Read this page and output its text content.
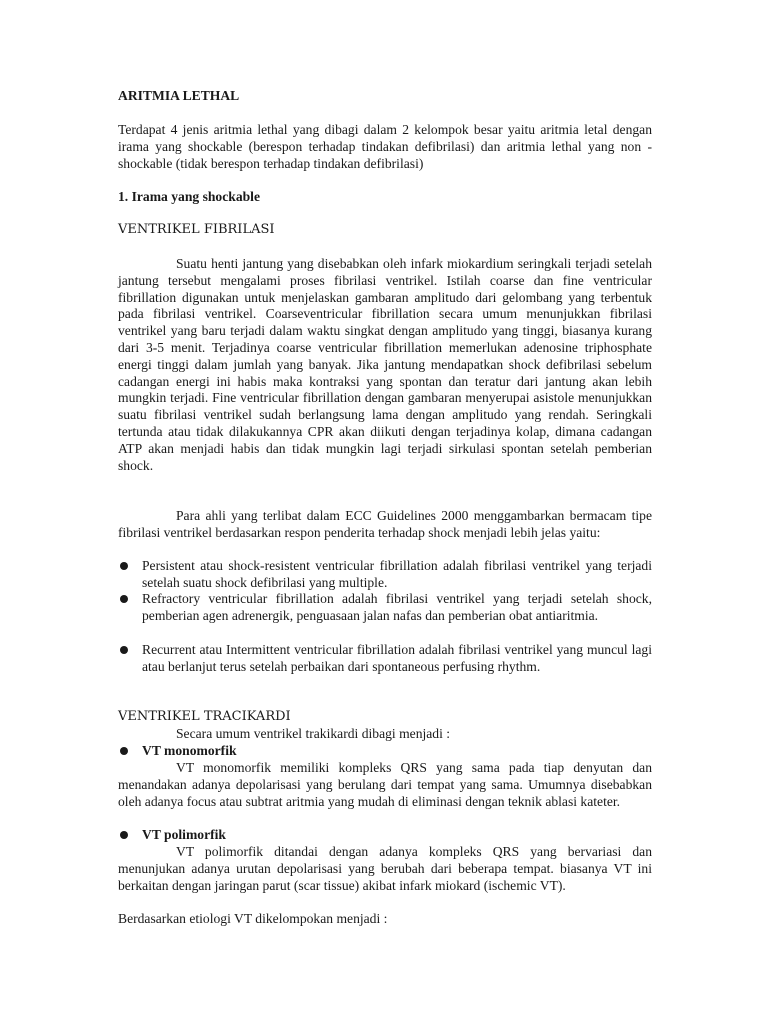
ARITMIA LETHAL

Terdapat 4 jenis aritmia lethal yang dibagi dalam 2 kelompok besar yaitu aritmia letal dengan irama yang shockable (berespon terhadap tindakan defibrilasi) dan aritmia lethal yang non - shockable (tidak berespon terhadap tindakan defibrilasi)

1. Irama yang shockable

VENTRIKEL FIBRILASI

Suatu henti jantung yang disebabkan oleh infark miokardium seringkali terjadi setelah jantung tersebut mengalami proses fibrilasi ventrikel. Istilah coarse dan fine ventricular fibrillation digunakan untuk menjelaskan gambaran amplitudo dari gelombang yang terbentuk pada fibrilasi ventrikel. Coarseventricular fibrillation secara umum menunjukkan fibrilasi ventrikel yang baru terjadi dalam waktu singkat dengan amplitudo yang tinggi, biasanya kurang dari 3-5 menit. Terjadinya coarse ventricular fibrillation memerlukan adenosine triphosphate energi tinggi dalam jumlah yang banyak. Jika jantung mendapatkan shock defibrilasi sebelum cadangan energi ini habis maka kontraksi yang spontan dan teratur dari jantung akan lebih mungkin terjadi. Fine ventricular fibrillation dengan gambaran menyerupai asistole menunjukkan suatu fibrilasi ventrikel sudah berlangsung lama dengan amplitudo yang rendah. Seringkali tertunda atau tidak dilakukannya CPR akan diikuti dengan terjadinya kolap, dimana cadangan ATP akan menjadi habis dan tidak mungkin lagi terjadi sirkulasi spontan setelah pemberian shock.

Para ahli yang terlibat dalam ECC Guidelines 2000 menggambarkan bermacam tipe fibrilasi ventrikel berdasarkan respon penderita terhadap shock menjadi lebih jelas yaitu:

Persistent atau shock-resistent ventricular fibrillation adalah fibrilasi ventrikel yang terjadi setelah suatu shock defibrilasi yang multiple.
Refractory ventricular fibrillation adalah fibrilasi ventrikel yang terjadi setelah shock, pemberian agen adrenergik, penguasaan jalan nafas dan pemberian obat antiaritmia.
Recurrent atau Intermittent ventricular fibrillation adalah fibrilasi ventrikel yang muncul lagi atau berlanjut terus setelah perbaikan dari spontaneous perfusing rhythm.

VENTRIKEL TRACIKARDI

Secara umum ventrikel trakikardi dibagi menjadi :

VT monomorfik

VT monomorfik memiliki kompleks QRS yang sama pada tiap denyutan dan menandakan adanya depolarisasi yang berulang dari tempat yang sama. Umumnya disebabkan oleh adanya focus atau subtrat aritmia yang mudah di eliminasi dengan teknik ablasi kateter.

VT polimorfik

VT polimorfik ditandai dengan adanya kompleks QRS yang bervariasi dan menunjukan adanya urutan depolarisasi yang berubah dari beberapa tempat. biasanya VT ini berkaitan dengan jaringan parut (scar tissue) akibat infark miokard (ischemic VT).

Berdasarkan etiologi VT dikelompokan menjadi :
